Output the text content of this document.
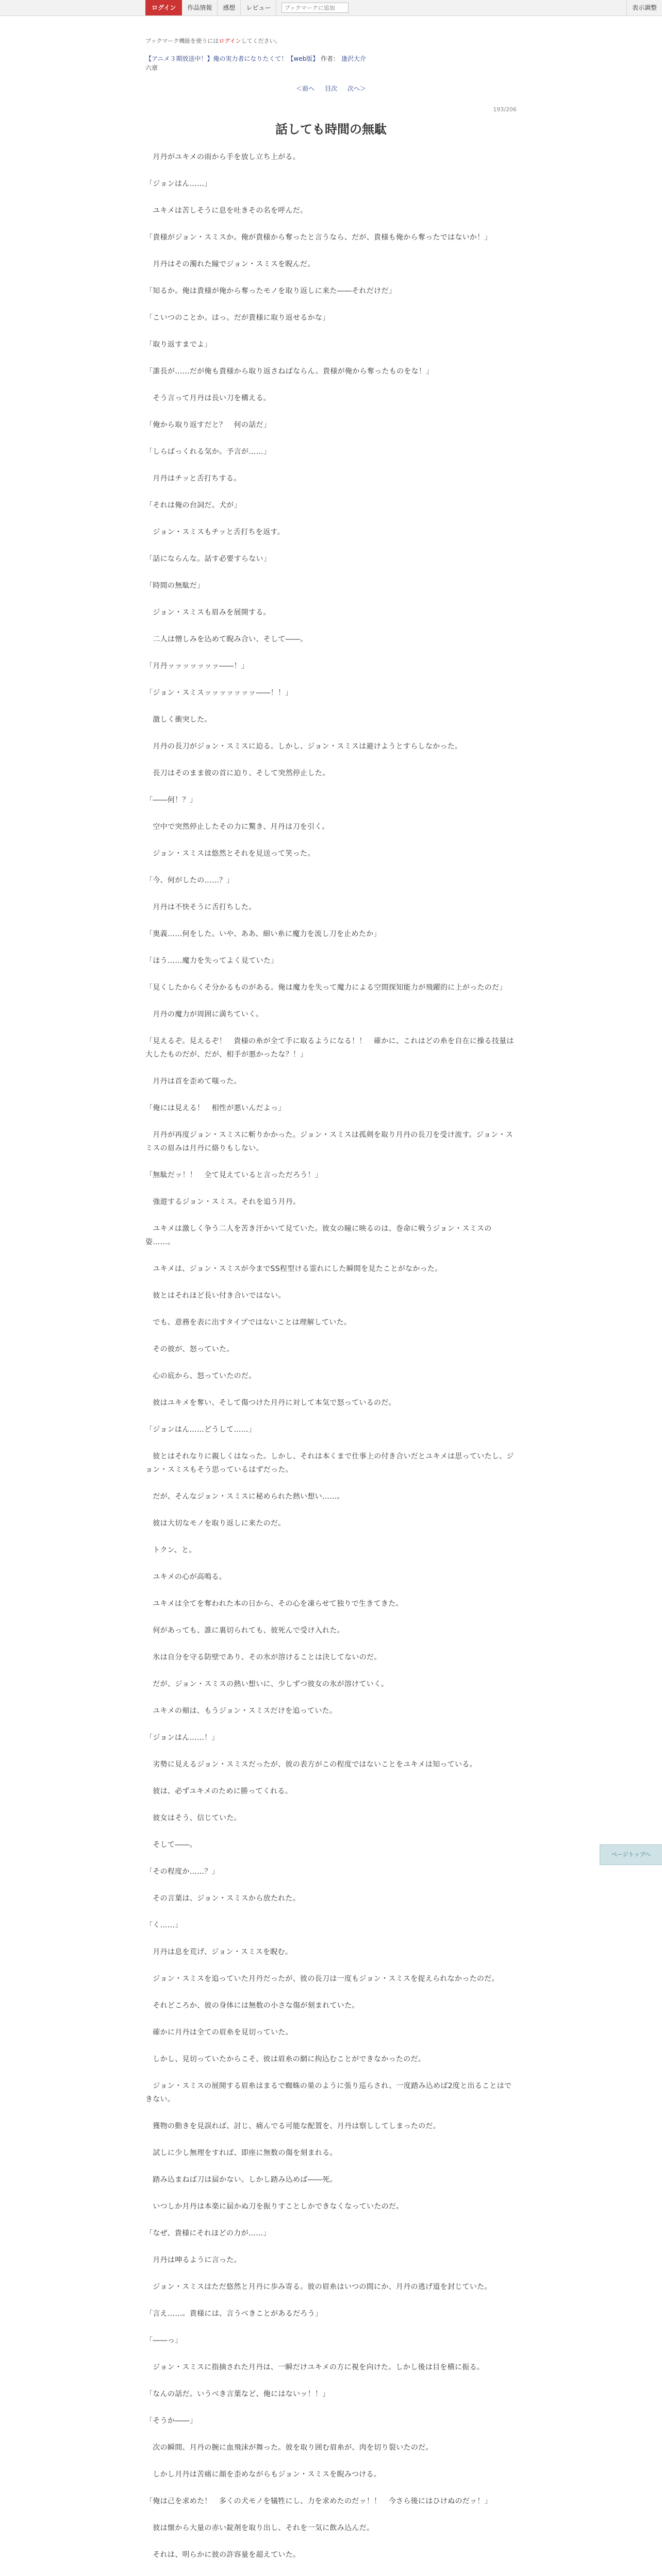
ログイン	作品情報	感想	レビュー
ブックマークに追加	表示調整
ブックマーク機能を使うにはログインしてください。
【アニメ３期放送中！】俺の実力者になりたくて！【web版】 作者： 逢沢大介
六章
＜前へ 目次 次へ＞
193/206
話しても時間の無駄

　月丹がユキメの雨から手を放し立ち上がる。

「ジョンはん……」

　ユキメは苦しそうに息を吐きその名を呼んだ。

「貴様がジョン・スミスか。俺が貴様から奪ったと言うなら、だが、貴様も俺から奪ったではないか！」

　月丹はその濁れた瞳でジョン・スミスを睨んだ。

「知るか。俺は貴様が俺から奪ったモノを取り返しに来た――それだけだ」

「こいつのことか。はっ。だが貴様に取り返せるかな」

「取り返すまでよ」

「誰長が……だが俺も貴様から取り返さねばならん。貴様が俺から奪ったものをな！」

　そう言って月丹は長い刀を構える。

「俺から取り返すだと？　何の話だ」

「しらばっくれる気か。予言が……」

　月丹はチッと舌打ちする。

「それは俺の台詞だ。犬が」

　ジョン・スミスもチッと舌打ちを返す。

「話にならんな。話す必要すらない」

「時間の無駄だ」

　ジョン・スミスも眉みを展開する。

　二人は憎しみを込めて睨み合い、そして――。

「月丹ッッッッッッッ――！」

「ジョン・スミスッッッッッッッ――！！」

　激しく衝突した。

　月丹の長刀がジョン・スミスに迫る。しかし、ジョン・スミスは避けようとすらしなかった。

　長刀はそのまま彼の首に迫り、そして突然停止した。

「――何！？」

　空中で突然停止したその力に驚き、月丹は刀を引く。

　ジョン・スミスは悠然とそれを見送って笑った。

「今、何がしたの……？」

　月丹は不快そうに舌打ちした。

「奥義……何をした。いや、ああ、細い糸に魔力を流し刀を止めたか」

「ほう……魔力を失ってよく見ていた」

「見くしたからくそ分かるものがある。俺は魔力を失って魔力による空間探知能力が飛躍的に上がったのだ」

　月丹の魔力が周囲に満ちていく。

「見えるぞ。見えるぞ！　貴様の糸が全て手に取るようになる！！　確かに、これはどの糸を自在に操る技量は大したものだが、だが、相手が悪かったな？！」

　月丹は首を歪めて嗤った。

「俺には見える！　相性が悪いんだよっ」

　月丹が再度ジョン・スミスに斬りかかった。ジョン・スミスは孤剣を取り月丹の長刀を受け流す。ジョン・スミスの眉みは月丹に絡りもしない。

「無駄だッ！！　全て見えていると言っただろう！」

　強遊するジョン・スミス。それを追う月丹。

　ユキメは激しく争う二人を苦き汗かいて見ていた。彼女の瞳に映るのは、巻命に戦うジョン・スミスの姿……。

　ユキメは、ジョン・スミスが今までSS程型ける霊れにした瞬間を見たことがなかった。

　彼とはそれほど長い付き合いではない。

　でも、意務を表に出すタイプではないことは理解していた。

　その彼が、怒っていた。

　心の底から、怒っていたのだ。

　彼はユキメを奪い、そして傷つけた月丹に対して本気で怒っているのだ。

「ジョンはん……どうして……」

　彼とはそれなりに親しくはなった。しかし、それは本くまで仕事上の付き合いだとユキメは思っていたし、ジョン・スミスもそう思っているはずだった。

　だが、そんなジョン・スミスに秘められた熱い想い……。

　彼は大切なモノを取り返しに来たのだ。

　トクン、と。

　ユキメの心が高鳴る。

　ユキメは全てを奪われた本の日から、その心を凍らせて独りで生きてきた。

　何があっても、誰に裏切られても、彼死んで受け入れた。

　氷は自分を守る防壁であり、その氷が溶けることは決してないのだ。

　だが、ジョン・スミスの熱い想いに、少しずつ彼女の氷が溶けていく。

　ユキメの頬は、もうジョン・スミスだけを追っていた。

「ジョンはん……！」

　劣勢に見えるジョン・スミスだったが、彼の表方がこの程度ではないことをユキメは知っている。

　彼は、必ずユキメのために勝ってくれる。

　彼女はそう、信じていた。

　そして――。

「その程度か……？」

　その言葉は、ジョン・スミスから放たれた。

「く……」

　月丹は息を荒げ、ジョン・スミスを睨む。

　ジョン・スミスを追っていた月丹だったが、彼の長刀は一度もジョン・スミスを捉えられなかったのだ。

　それどころか、彼の身体には無数の小さな傷が刻まれていた。

　確かに月丹は全ての眉糸を見切っていた。

　しかし、見切っていたからこそ、彼は眉糸の網に拘込むことができなかったのだ。

　ジョン・スミスの展開する眉糸はまるで蜘蛛の巣のように張り巡らされ、一度踏み込めば2度と出ることはできない。

　獲物の動きを見誤れば、討じ、痛んでる可能な配置を、月丹は察ししてしまったのだ。

　試しに少し無理をすれば、即座に無数の傷を刻まれる。

　踏み込まねば刀は届かない。しかし踏み込めば――死。

　いつしか月丹は本楽に届かぬ刀を振りすことしかできなくなっていたのだ。

「なぜ、貴様にそれほどの力が……」

　月丹は呻るように言った。

　ジョン・スミスはただ悠然と月丹に歩み寄る。彼の眉糸はいつの間にか、月丹の逃げ道を封じていた。

「言え……。貴様には、言うべきことがあるだろう」

「――っ」

　ジョン・スミスに指摘された月丹は、一瞬だけユキメの方に視を向けた。しかし後は目を横に振る。

「なんの話だ。いうべき言葉など、俺にはないッ！！」

「そうか――」

　次の瞬間、月丹の腕に血飛沫が舞った。彼を取り囲む眉糸が、肉を切り裂いたのだ。

　しかし月丹は苦痛に顔を歪めながらもジョン・スミスを睨みつける。

「俺は己を求めた！　多くの犬モノを犠牲にし、力を求めたのだッ！！　今さら後にはひけぬのだッ！」

　彼は懐から大量の赤い錠剤を取り出し、それを一気に飲み込んだ。

　それは、明らかに彼の許容量を超えていた。

ページトップへ
